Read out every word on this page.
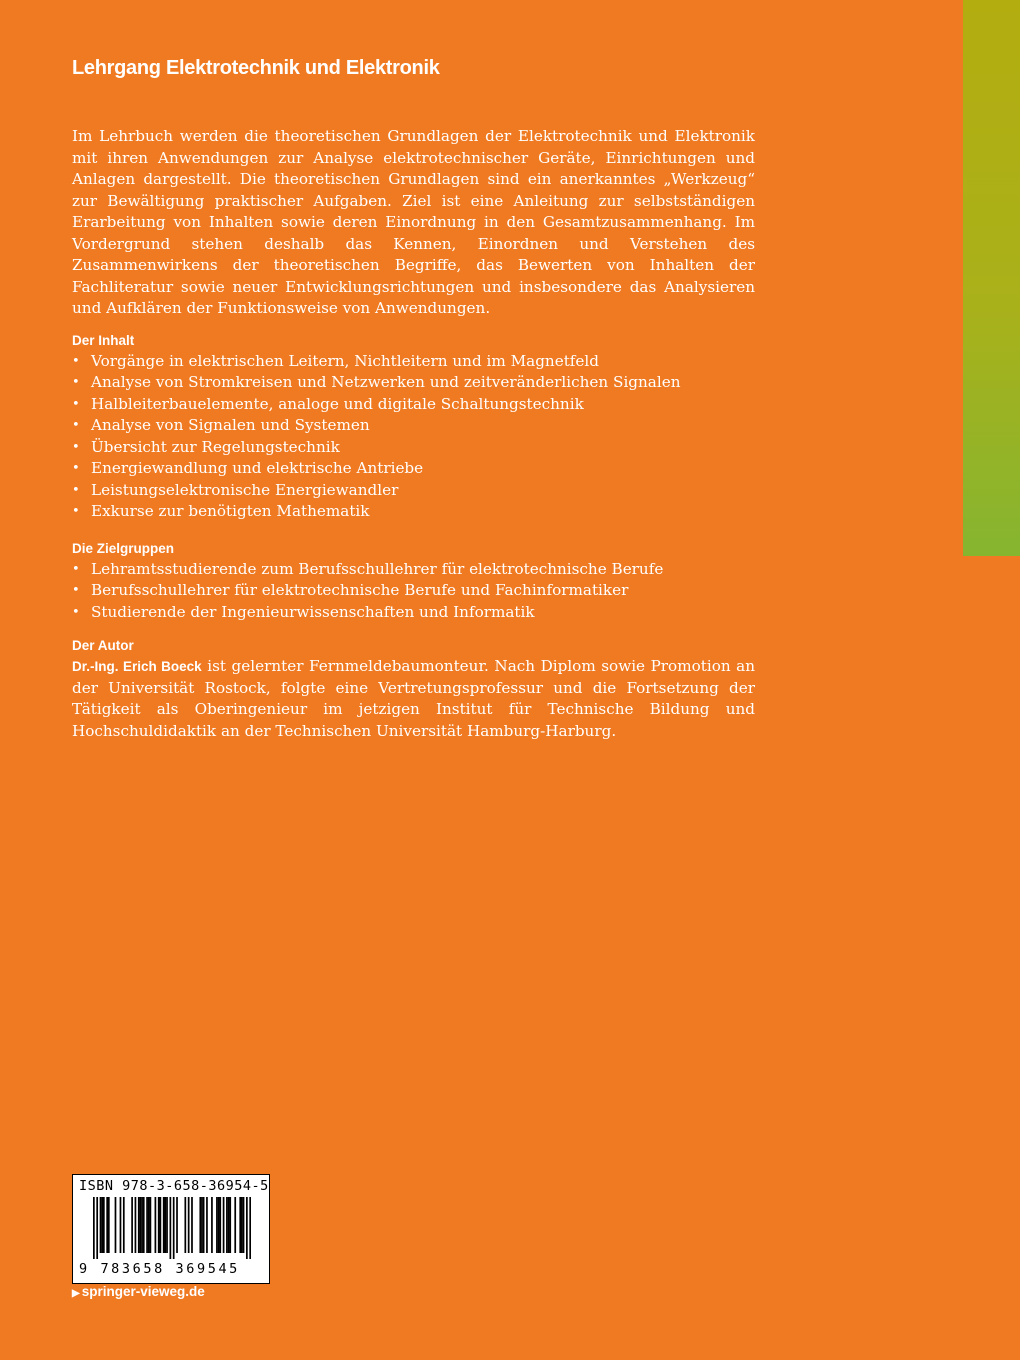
Lehrgang Elektrotechnik und Elektronik

Im Lehrbuch werden die theoretischen Grundlagen der Elektrotechnik und Elektronik mit ihren Anwendungen zur Analyse elektrotechnischer Geräte, Einrichtungen und Anlagen dargestellt. Die theoretischen Grundlagen sind ein anerkanntes „Werkzeug“ zur Bewältigung praktischer Aufgaben. Ziel ist eine Anleitung zur selbstständigen Erarbeitung von Inhalten sowie deren Einordnung in den Gesamtzusammenhang. Im Vordergrund stehen deshalb das Kennen, Einordnen und Verstehen des Zusammenwirkens der theoretischen Begriffe, das Bewerten von Inhalten der Fachliteratur sowie neuer Entwicklungsrichtungen und insbesondere das Analysieren und Aufklären der Funktionsweise von Anwendungen.

Der Inhalt
• Vorgänge in elektrischen Leitern, Nichtleitern und im Magnetfeld
• Analyse von Stromkreisen und Netzwerken und zeitveränderlichen Signalen
• Halbleiterbauelemente, analoge und digitale Schaltungstechnik
• Analyse von Signalen und Systemen
• Übersicht zur Regelungstechnik
• Energiewandlung und elektrische Antriebe
• Leistungselektronische Energiewandler
• Exkurse zur benötigten Mathematik
Die Zielgruppen
• Lehramtsstudierende zum Berufsschullehrer für elektrotechnische Berufe
• Berufsschullehrer für elektrotechnische Berufe und Fachinformatiker
• Studierende der Ingenieurwissenschaften und Informatik
Der Autor

Dr.-Ing. Erich Boeck ist gelernter Fernmeldebaumonteur. Nach Diplom sowie Promotion an der Universität Rostock, folgte eine Vertretungsprofessur und die Fortsetzung der Tätigkeit als Oberingenieur im jetzigen Institut für Technische Bildung und Hochschuldidaktik an der Technischen Universität Hamburg-Harburg.

ISBN 978-3-658-36954-5
9 783658 369545
▶ springer-vieweg.de
